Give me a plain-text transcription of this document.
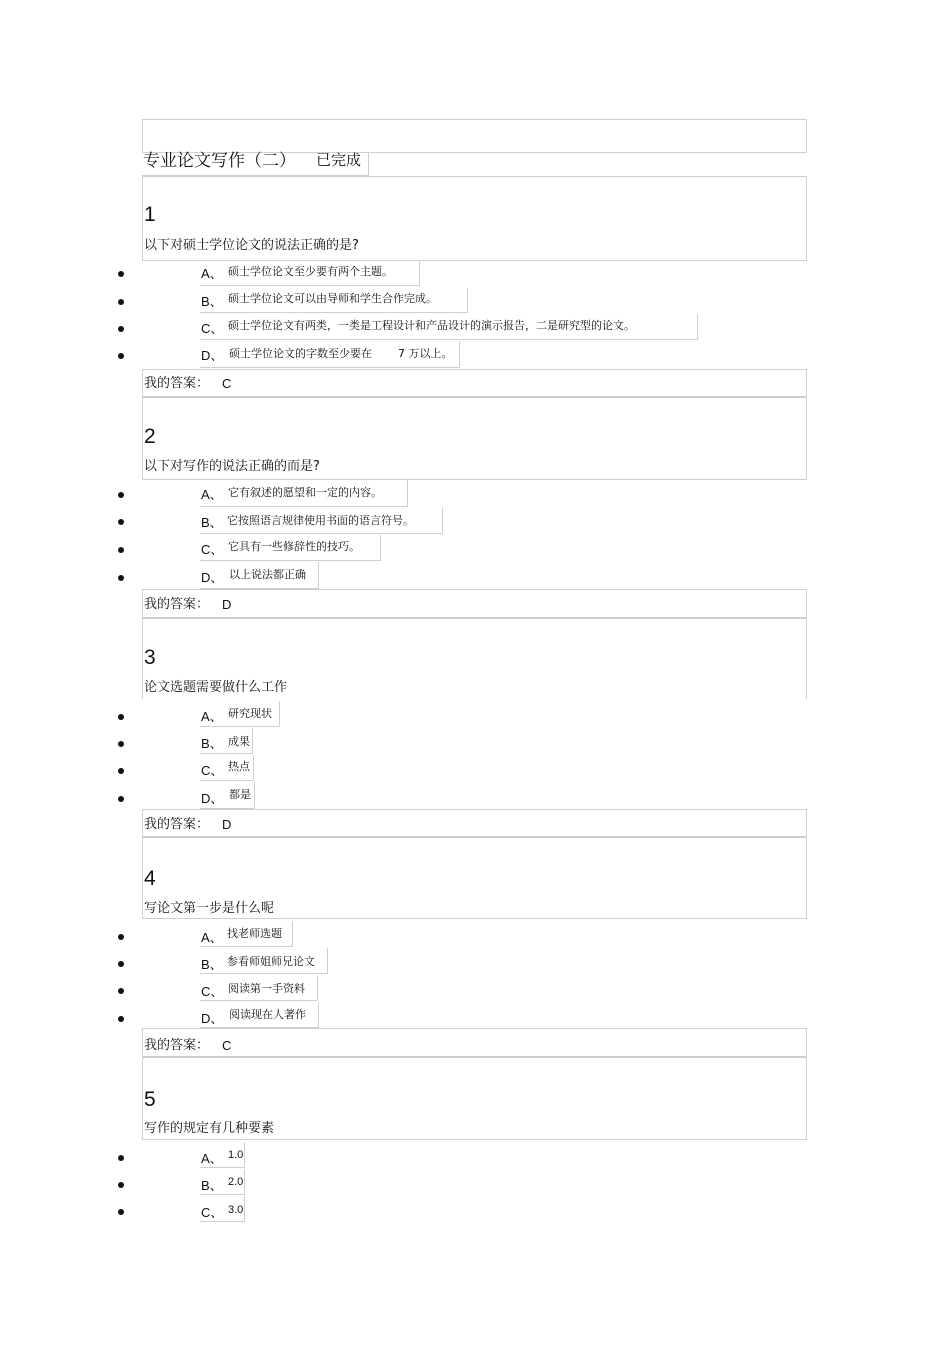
专业论文写作（二） 已完成
1
以下对硕士学位论文的说法正确的是?
A、 硕士学位论文至少要有两个主题。
B、 硕士学位论文可以由导师和学生合作完成。
C、 硕士学位论文有两类，一类是工程设计和产品设计的演示报告，二是研究型的论文。
D、 硕士学位论文的字数至少要在 7 万以上。
我的答案： C
2
以下对写作的说法正确的而是?
A、 它有叙述的愿望和一定的内容。
B、 它按照语言规律使用书面的语言符号。
C、 它具有一些修辞性的技巧。
D、 以上说法都正确
我的答案： D
3
论文选题需要做什么工作
A、 研究现状
B、 成果
C、 热点
D、 都是
我的答案： D
4
写论文第一步是什么呢
A、 找老师选题
B、 参看师姐师兄论文
C、 阅读第一手资料
D、 阅读现在人著作
我的答案： C
5
写作的规定有几种要素
A、 1.0
B、 2.0
C、 3.0
